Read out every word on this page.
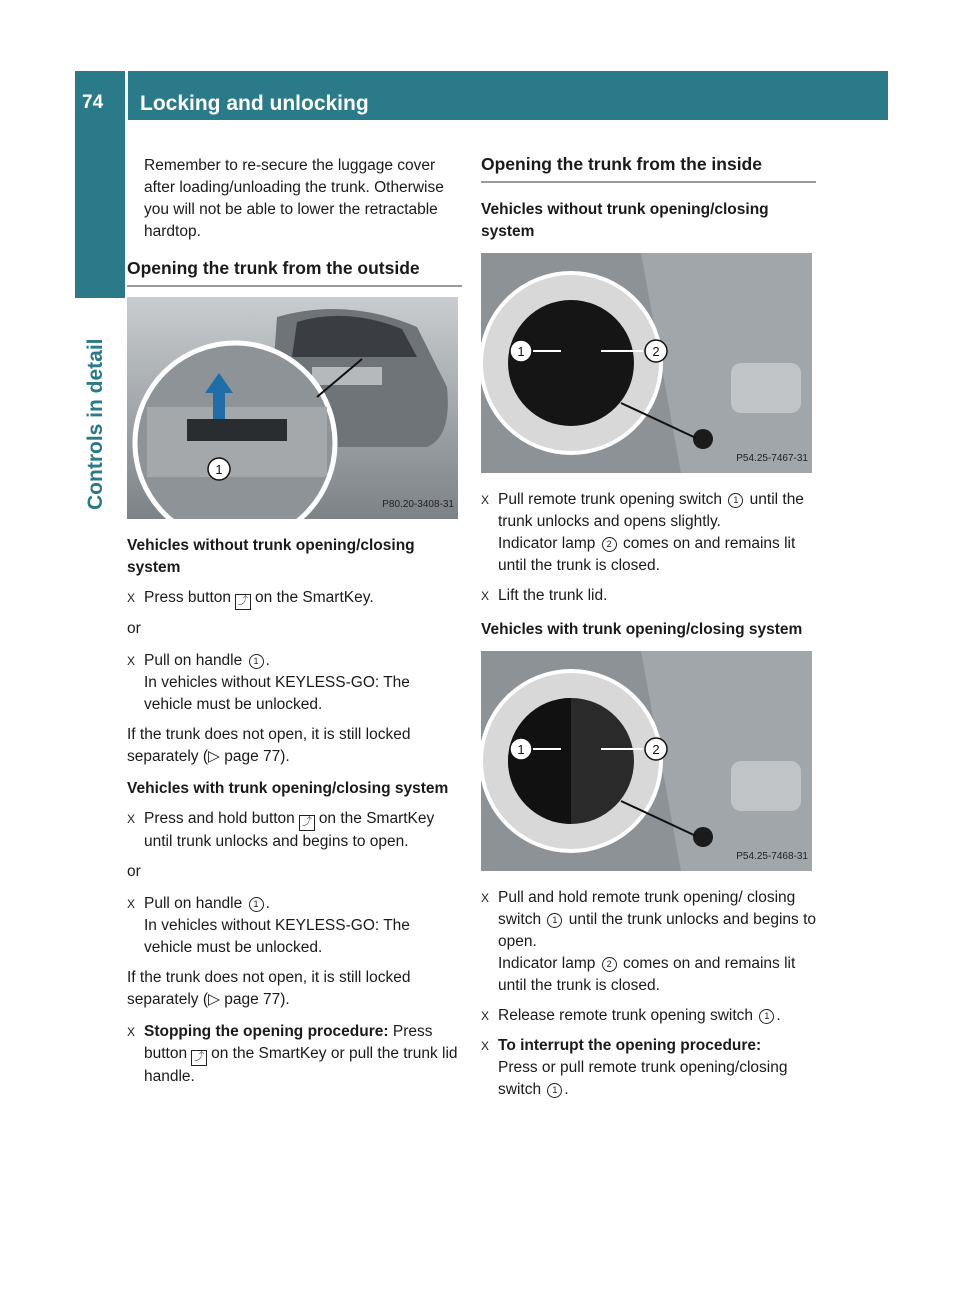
74 Locking and unlocking
Controls in detail

Remember to re-secure the luggage cover after loading/unloading the trunk. Otherwise you will not be able to lower the retractable hardtop.

Opening the trunk from the outside
1
P80.20-3408-31
Vehicles without trunk opening/closing system
X Press button ⤴ on the SmartKey.

or

X Pull on handle 1 .
In vehicles without KEYLESS-GO: The vehicle must be unlocked.

If the trunk does not open, it is still locked separately (▷ page 77).

Vehicles with trunk opening/closing system
X Press and hold button ⤴ on the SmartKey until trunk unlocks and begins to open.

or

X Pull on handle 1 .
In vehicles without KEYLESS-GO: The vehicle must be unlocked.

If the trunk does not open, it is still locked separately (▷ page 77).

X Stopping the opening procedure: Press button ⤴ on the SmartKey or pull the trunk lid handle.
Opening the trunk from the inside
Vehicles without trunk opening/closing system
1	2
P54.25-7467-31
X Pull remote trunk opening switch 1 until the trunk unlocks and opens slightly.
Indicator lamp 2 comes on and remains lit until the trunk is closed.
X Lift the trunk lid.
Vehicles with trunk opening/closing system
1	2
P54.25-7468-31
X Pull and hold remote trunk opening/ closing switch 1 until the trunk unlocks and begins to open.
Indicator lamp 2 comes on and remains lit until the trunk is closed.
X Release remote trunk opening switch 1 .
X To interrupt the opening procedure:
Press or pull remote trunk opening/closing switch 1 .
